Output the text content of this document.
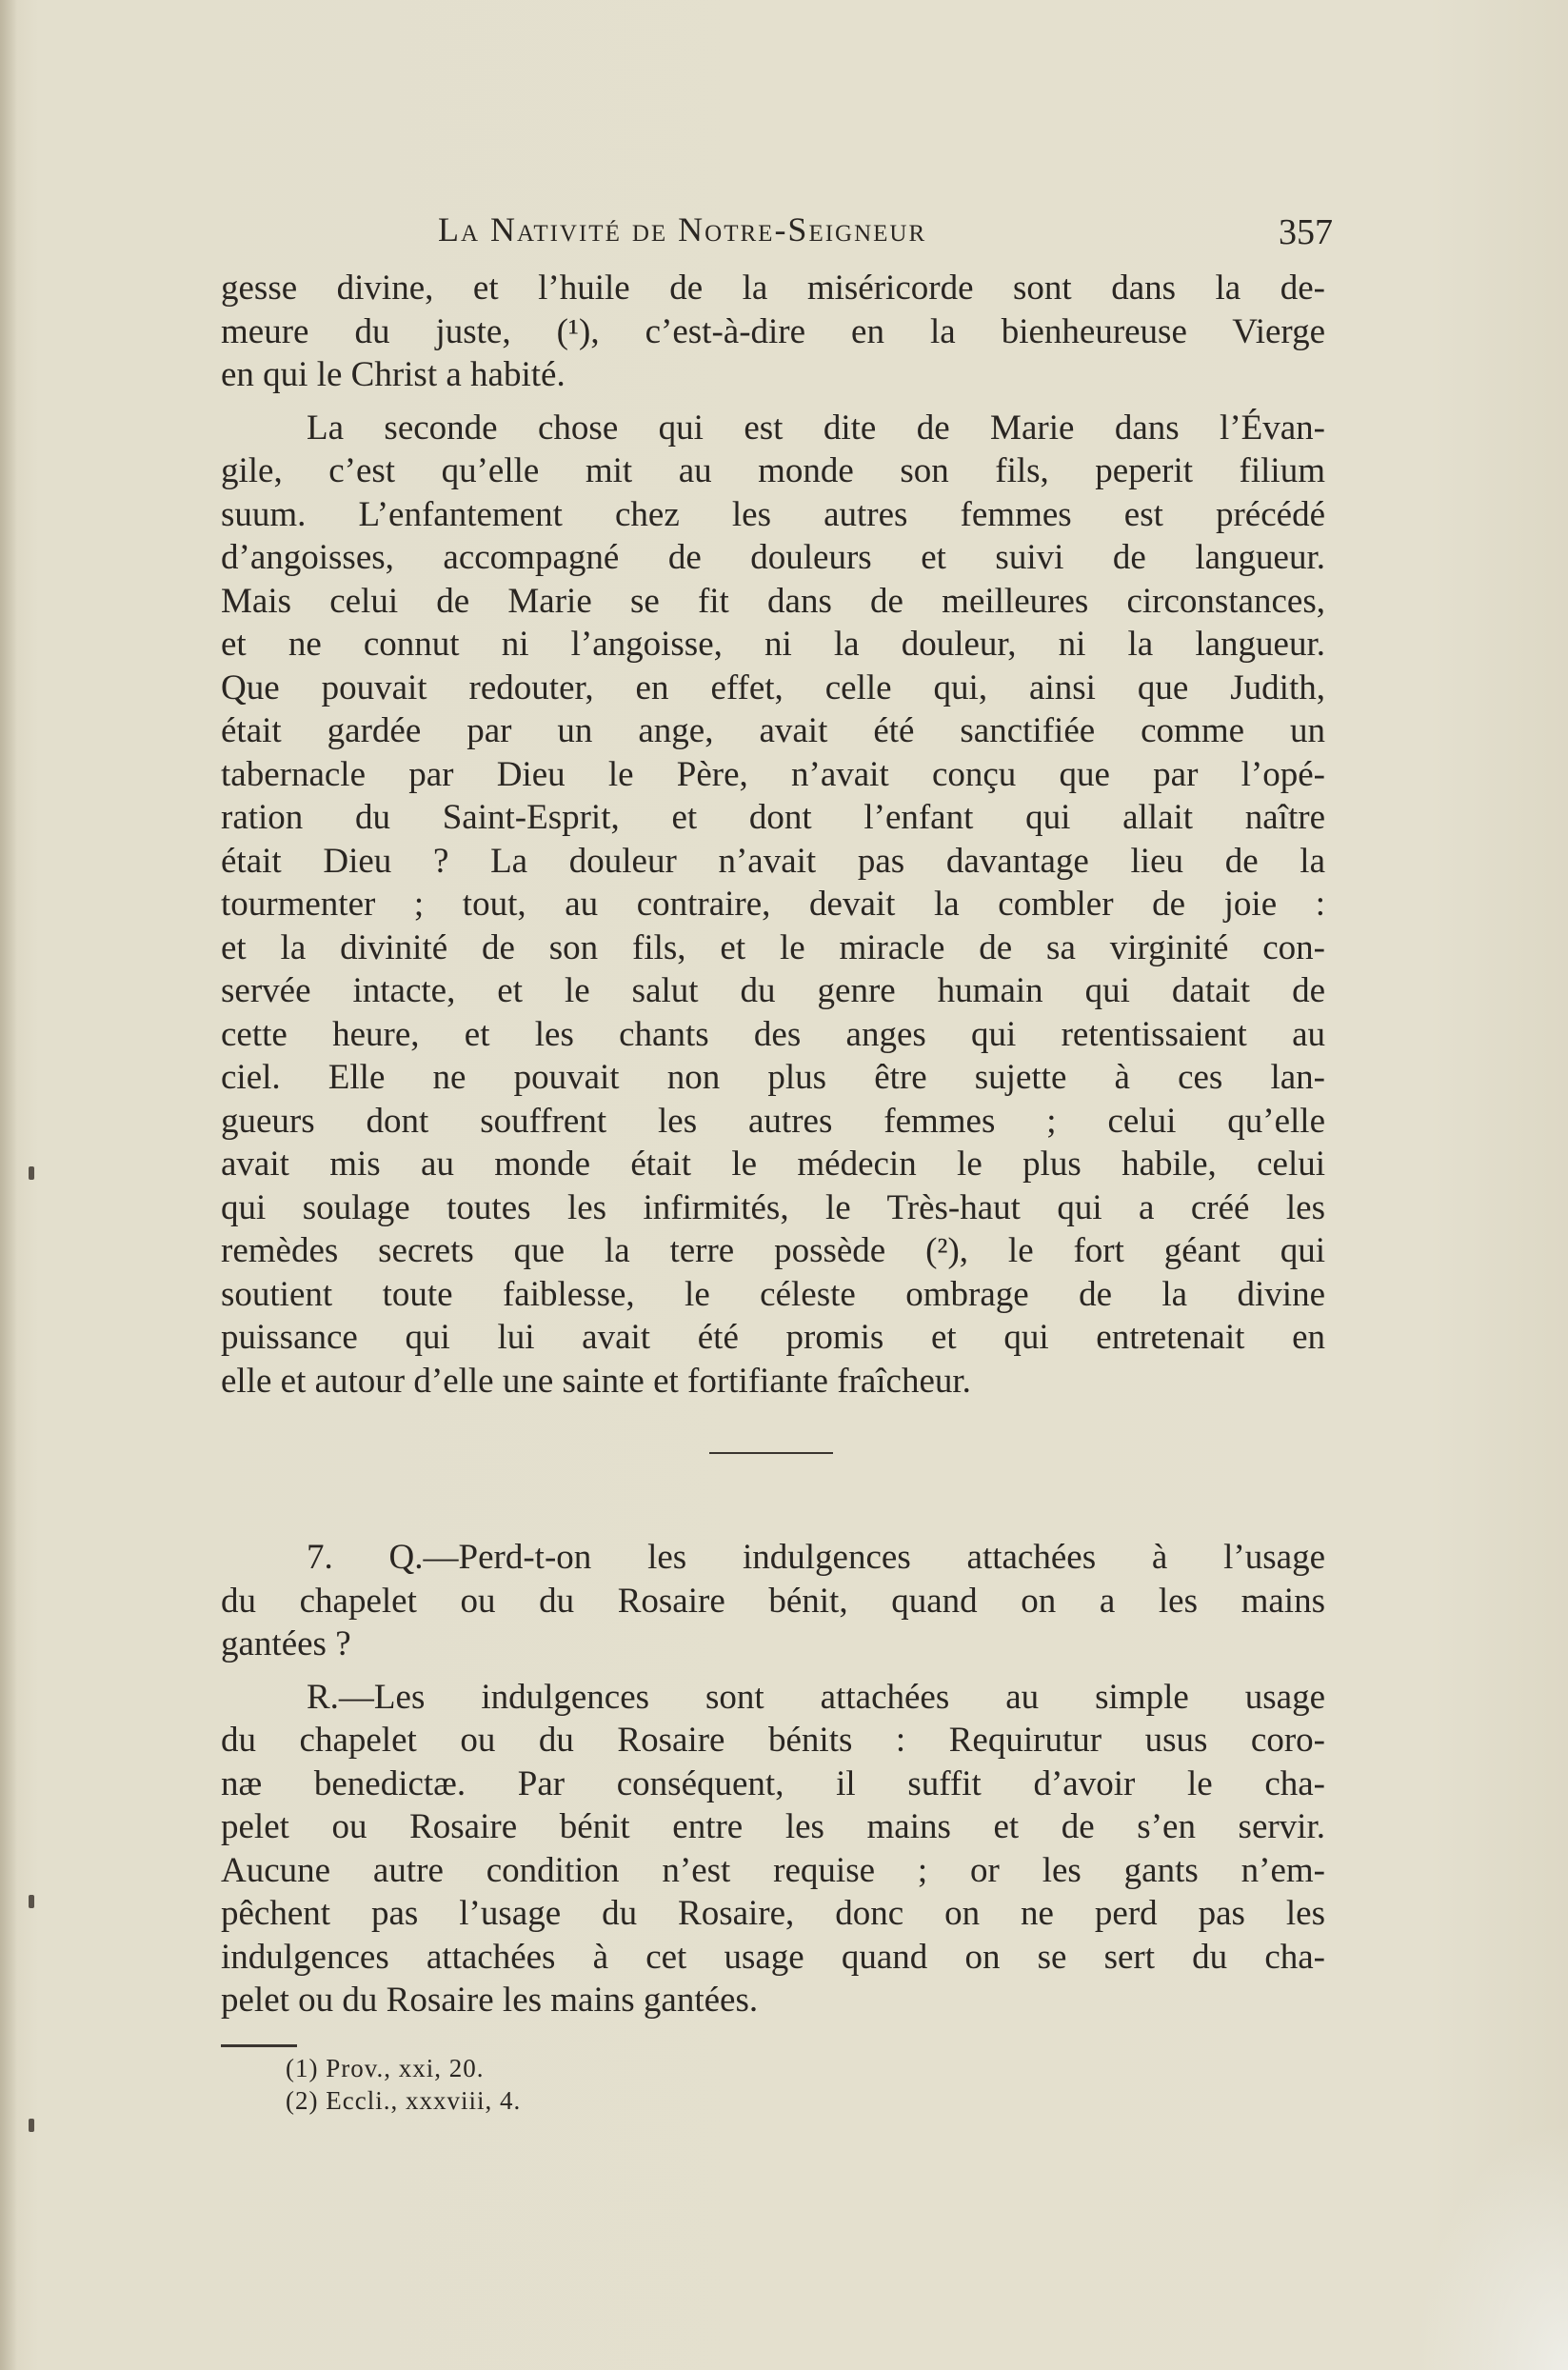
La Nativité de Notre-Seigneur	357
gesse divine, et l’huile de la miséricorde sont dans la de-
meure du juste, (¹), c’est-à-dire en la bienheureuse Vierge
en qui le Christ a habité.
La seconde chose qui est dite de Marie dans l’Évan-
gile, c’est qu’elle mit au monde son fils, peperit filium
suum. L’enfantement chez les autres femmes est précédé
d’angoisses, accompagné de douleurs et suivi de langueur.
Mais celui de Marie se fit dans de meilleures circonstances,
et ne connut ni l’angoisse, ni la douleur, ni la langueur.
Que pouvait redouter, en effet, celle qui, ainsi que Judith,
était gardée par un ange, avait été sanctifiée comme un
tabernacle par Dieu le Père, n’avait conçu que par l’opé-
ration du Saint-Esprit, et dont l’enfant qui allait naître
était Dieu ? La douleur n’avait pas davantage lieu de la
tourmenter ; tout, au contraire, devait la combler de joie :
et la divinité de son fils, et le miracle de sa virginité con-
servée intacte, et le salut du genre humain qui datait de
cette heure, et les chants des anges qui retentissaient au
ciel. Elle ne pouvait non plus être sujette à ces lan-
gueurs dont souffrent les autres femmes ; celui qu’elle
avait mis au monde était le médecin le plus habile, celui
qui soulage toutes les infirmités, le Très-haut qui a créé les
remèdes secrets que la terre possède (²), le fort géant qui
soutient toute faiblesse, le céleste ombrage de la divine
puissance qui lui avait été promis et qui entretenait en
elle et autour d’elle une sainte et fortifiante fraîcheur.
7. Q.—Perd-t-on les indulgences attachées à l’usage
du chapelet ou du Rosaire bénit, quand on a les mains
gantées ?
R.—Les indulgences sont attachées au simple usage
du chapelet ou du Rosaire bénits : Requirutur usus coro-
næ benedictæ. Par conséquent, il suffit d’avoir le cha-
pelet ou Rosaire bénit entre les mains et de s’en servir.
Aucune autre condition n’est requise ; or les gants n’em-
pêchent pas l’usage du Rosaire, donc on ne perd pas les
indulgences attachées à cet usage quand on se sert du cha-
pelet ou du Rosaire les mains gantées.
(1) Prov., xxi, 20.
(2) Eccli., xxxviii, 4.
